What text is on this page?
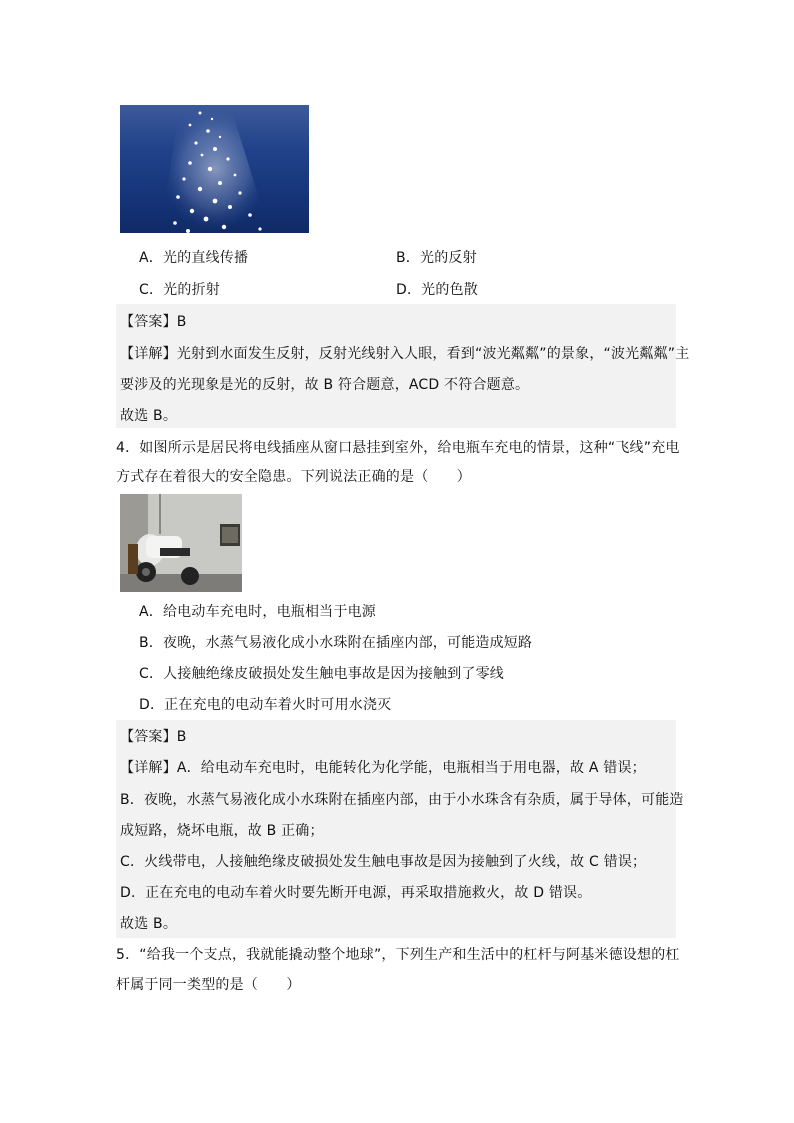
A．光的直线传播	B．光的反射
C．光的折射	D．光的色散
【答案】B
【详解】光射到水面发生反射，反射光线射入人眼，看到“波光粼粼”的景象，“波光粼粼”主
要涉及的光现象是光的反射，故 B 符合题意，ACD 不符合题意。
故选 B。
4．如图所示是居民将电线插座从窗口悬挂到室外，给电瓶车充电的情景，这种“飞线”充电
方式存在着很大的安全隐患。下列说法正确的是（　　）
A．给电动车充电时，电瓶相当于电源
B．夜晚，水蒸气易液化成小水珠附在插座内部，可能造成短路
C．人接触绝缘皮破损处发生触电事故是因为接触到了零线
D．正在充电的电动车着火时可用水浇灭
【答案】B
【详解】A．给电动车充电时，电能转化为化学能，电瓶相当于用电器，故 A 错误；
B．夜晚，水蒸气易液化成小水珠附在插座内部，由于小水珠含有杂质，属于导体，可能造
成短路，烧坏电瓶，故 B 正确；
C．火线带电，人接触绝缘皮破损处发生触电事故是因为接触到了火线，故 C 错误；
D．正在充电的电动车着火时要先断开电源，再采取措施救火，故 D 错误。
故选 B。
5．“给我一个支点，我就能撬动整个地球”，下列生产和生活中的杠杆与阿基米德设想的杠
杆属于同一类型的是（　　）
